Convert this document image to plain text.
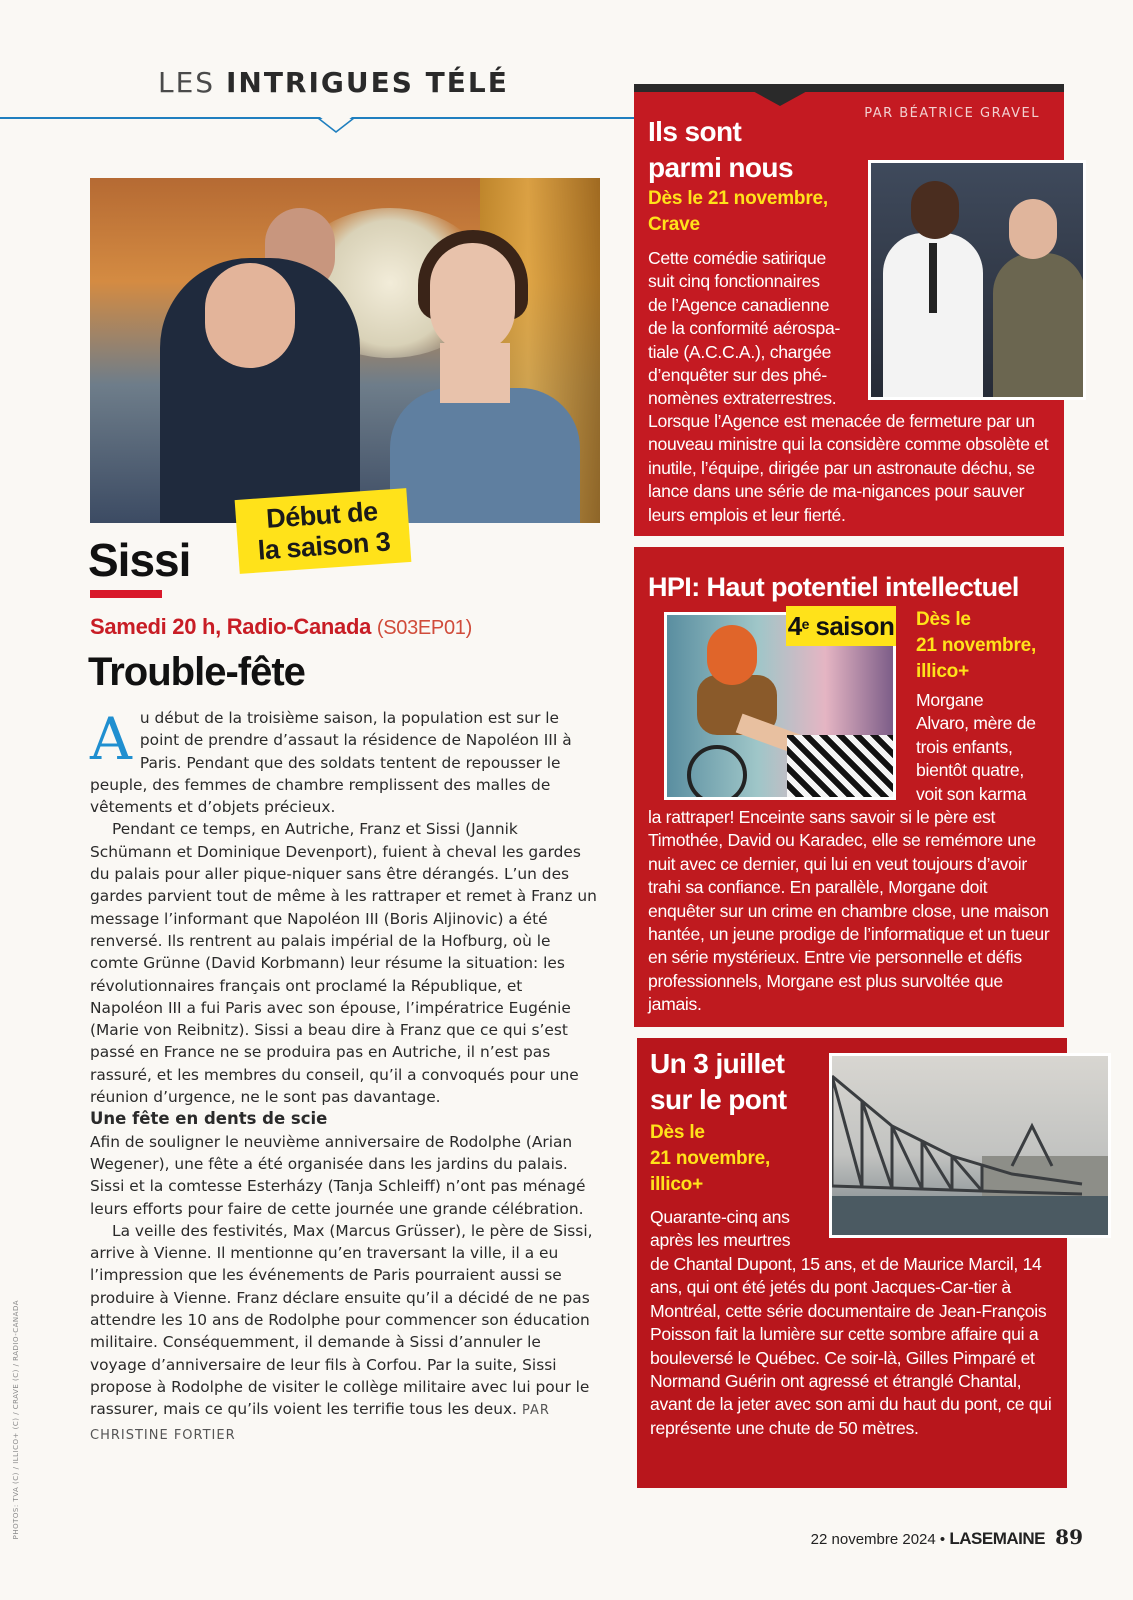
LES INTRIGUES TÉLÉ
Début de
la saison 3
Sissi
Samedi 20 h, Radio-Canada (S03EP01)
Trouble-fête

Au début de la troisième saison, la population est sur le point de prendre d’assaut la résidence de Napoléon III à Paris. Pendant que des soldats tentent de repousser le peuple, des femmes de chambre remplissent des malles de vêtements et d’objets précieux.

Pendant ce temps, en Autriche, Franz et Sissi (Jannik Schümann et Dominique Devenport), fuient à cheval les gardes du palais pour aller pique-niquer sans être dérangés. L’un des gardes parvient tout de même à les rattraper et remet à Franz un message l’informant que Napoléon III (Boris Aljinovic) a été renversé. Ils rentrent au palais impérial de la Hofburg, où le comte Grünne (David Korbmann) leur résume la situation: les révolutionnaires français ont proclamé la République, et Napoléon III a fui Paris avec son épouse, l’impératrice Eugénie (Marie von Reibnitz). Sissi a beau dire à Franz que ce qui s’est passé en France ne se produira pas en Autriche, il n’est pas rassuré, et les membres du conseil, qu’il a convoqués pour une réunion d’urgence, ne le sont pas davantage.

Une fête en dents de scie

Afin de souligner le neuvième anniversaire de Rodolphe (Arian Wegener), une fête a été organisée dans les jardins du palais. Sissi et la comtesse Esterházy (Tanja Schleiff) n’ont pas ménagé leurs efforts pour faire de cette journée une grande célébration.

La veille des festivités, Max (Marcus Grüsser), le père de Sissi, arrive à Vienne. Il mentionne qu’en traversant la ville, il a eu l’impression que les événements de Paris pourraient aussi se produire à Vienne. Franz déclare ensuite qu’il a décidé de ne pas attendre les 10 ans de Rodolphe pour commencer son éducation militaire. Conséquemment, il demande à Sissi d’annuler le voyage d’anniversaire de leur fils à Corfou. Par la suite, Sissi propose à Rodolphe de visiter le collège militaire avec lui pour le rassurer, mais ce qu’ils voient les terrifie tous les deux. PAR CHRISTINE FORTIER

PHOTOS: TVA (C) / ILLICO+ (C) / CRAVE (C) / RADIO-CANADA
PAR BÉATRICE GRAVEL
Ils sont
parmi nous
Dès le 21 novembre,
Crave
Cette comédie satirique
suit cinq fonctionnaires
de l’Agence canadienne
de la conformité aérospa-
tiale (A.C.C.A.), chargée
d’enquêter sur des phé-
nomènes extraterrestres.
Lorsque l’Agence est menacée de fermeture par un nouveau ministre qui la considère comme obsolète et inutile, l’équipe, dirigée par un astronaute déchu, se lance dans une série de ma-nigances pour sauver leurs emplois et leur fierté.
HPI: Haut potentiel intellectuel
Dès le
21 novembre,
illico+
Morgane
Alvaro, mère de
trois enfants,
bientôt quatre,
voit son karma
la rattraper! Enceinte sans savoir si le père est Timothée, David ou Karadec, elle se remémore une nuit avec ce dernier, qui lui en veut toujours d’avoir trahi sa confiance. En parallèle, Morgane doit enquêter sur un crime en chambre close, une maison hantée, un jeune prodige de l’informatique et un tueur en série mystérieux. Entre vie personnelle et défis professionnels, Morgane est plus survoltée que jamais.
4e saison
Un 3 juillet
sur le pont
Dès le
21 novembre,
illico+
Quarante-cinq ans
après les meurtres
de Chantal Dupont, 15 ans, et de Maurice Marcil, 14 ans, qui ont été jetés du pont Jacques-Car-tier à Montréal, cette série documentaire de Jean-François Poisson fait la lumière sur cette sombre affaire qui a bouleversé le Québec. Ce soir-là, Gilles Pimparé et Normand Guérin ont agressé et étranglé Chantal, avant de la jeter avec son ami du haut du pont, ce qui représente une chute de 50 mètres.
22 novembre 2024 • LASEMAINE 89
